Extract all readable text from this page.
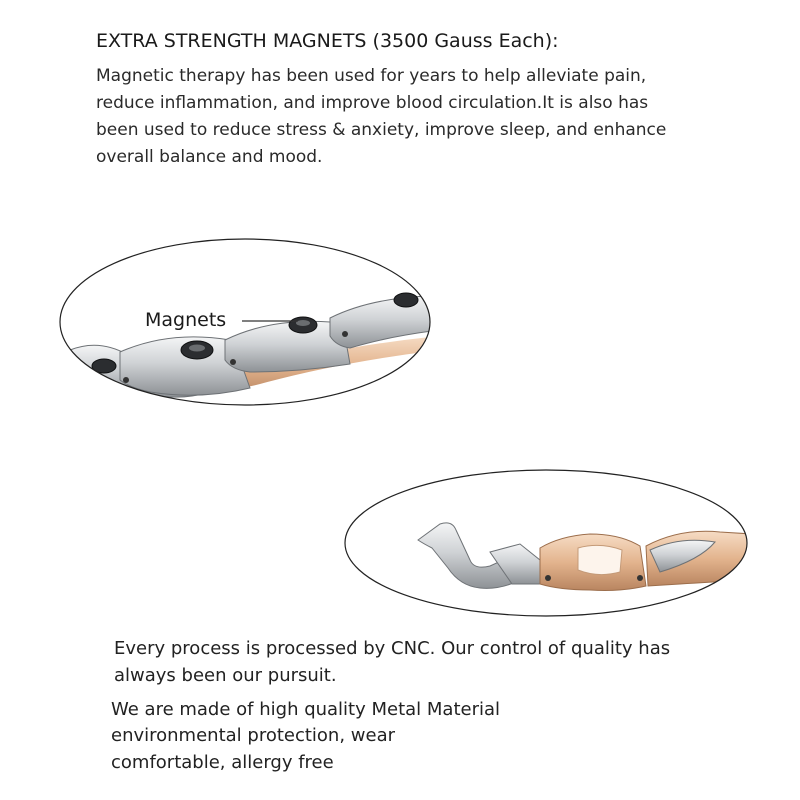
EXTRA STRENGTH MAGNETS (3500 Gauss Each):

Magnetic therapy has been used for years to help alleviate pain,

reduce inflammation, and improve blood circulation.It is also has

been used to reduce stress & anxiety, improve sleep, and enhance

overall balance and mood.

Magnets

Every process is processed by CNC. Our control of quality has

always been our pursuit.

We are made of high quality Metal Material

environmental protection, wear

comfortable, allergy free
